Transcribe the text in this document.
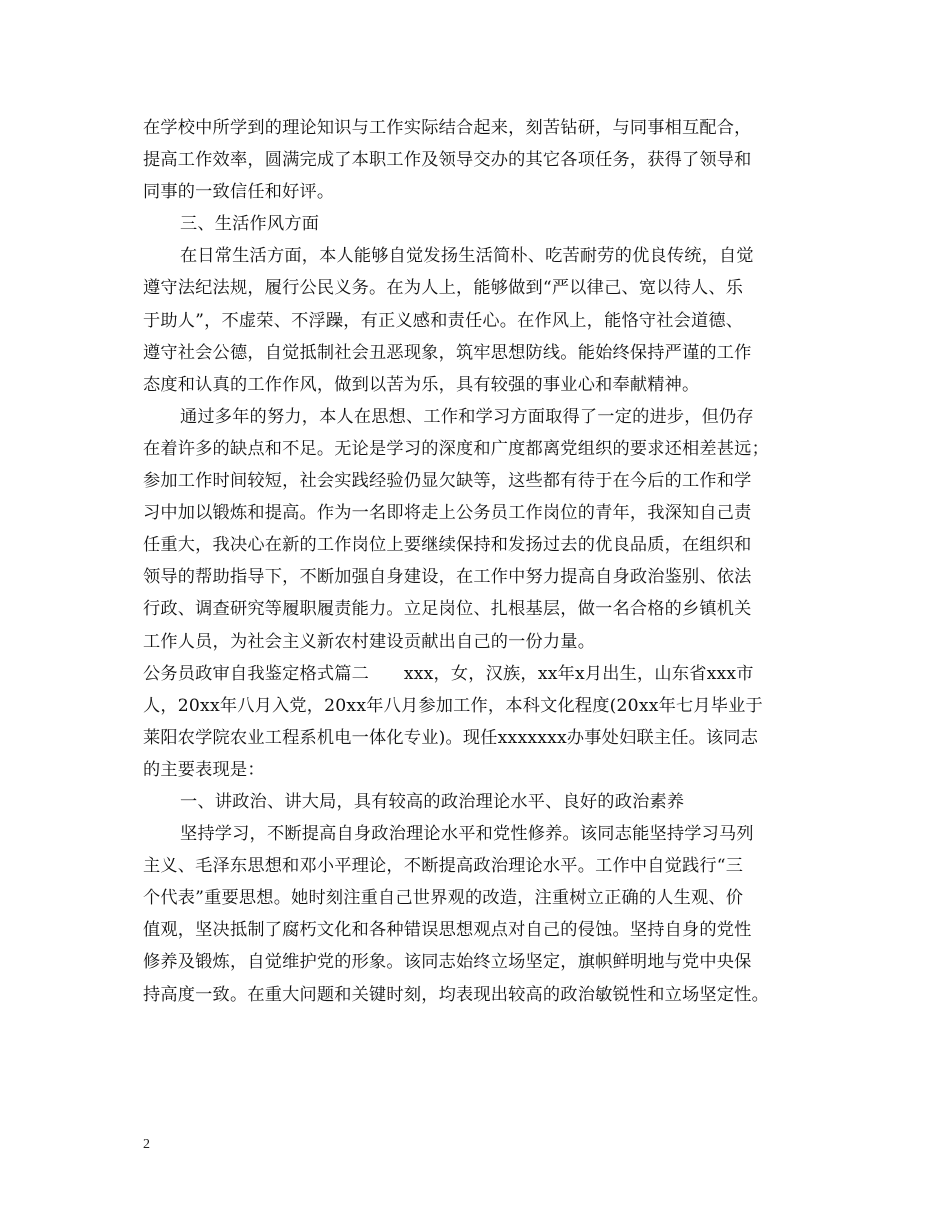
在学校中所学到的理论知识与工作实际结合起来，刻苦钻研，与同事相互配合，
提高工作效率，圆满完成了本职工作及领导交办的其它各项任务，获得了领导和
同事的一致信任和好评。
三、生活作风方面
在日常生活方面，本人能够自觉发扬生活简朴、吃苦耐劳的优良传统，自觉
遵守法纪法规，履行公民义务。在为人上，能够做到“严以律己、宽以待人、乐
于助人”，不虚荣、不浮躁，有正义感和责任心。在作风上，能恪守社会道德、
遵守社会公德，自觉抵制社会丑恶现象，筑牢思想防线。能始终保持严谨的工作
态度和认真的工作作风，做到以苦为乐，具有较强的事业心和奉献精神。
通过多年的努力，本人在思想、工作和学习方面取得了一定的进步，但仍存
在着许多的缺点和不足。无论是学习的深度和广度都离党组织的要求还相差甚远；
参加工作时间较短，社会实践经验仍显欠缺等，这些都有待于在今后的工作和学
习中加以锻炼和提高。作为一名即将走上公务员工作岗位的青年，我深知自己责
任重大，我决心在新的工作岗位上要继续保持和发扬过去的优良品质，在组织和
领导的帮助指导下，不断加强自身建设，在工作中努力提高自身政治鉴别、依法
行政、调查研究等履职履责能力。立足岗位、扎根基层，做一名合格的乡镇机关
工作人员，为社会主义新农村建设贡献出自己的一份力量。
公务员政审自我鉴定格式篇二　　xxx，女，汉族，xx年x月出生，山东省xxx市
人，20xx年八月入党，20xx年八月参加工作，本科文化程度(20xx年七月毕业于
莱阳农学院农业工程系机电一体化专业)。现任xxxxxxx办事处妇联主任。该同志
的主要表现是：
一、讲政治、讲大局，具有较高的政治理论水平、良好的政治素养
坚持学习，不断提高自身政治理论水平和党性修养。该同志能坚持学习马列
主义、毛泽东思想和邓小平理论，不断提高政治理论水平。工作中自觉践行“三
个代表”重要思想。她时刻注重自己世界观的改造，注重树立正确的人生观、价
值观，坚决抵制了腐朽文化和各种错误思想观点对自己的侵蚀。坚持自身的党性
修养及锻炼，自觉维护党的形象。该同志始终立场坚定，旗帜鲜明地与党中央保
持高度一致。在重大问题和关键时刻，均表现出较高的政治敏锐性和立场坚定性。
2
